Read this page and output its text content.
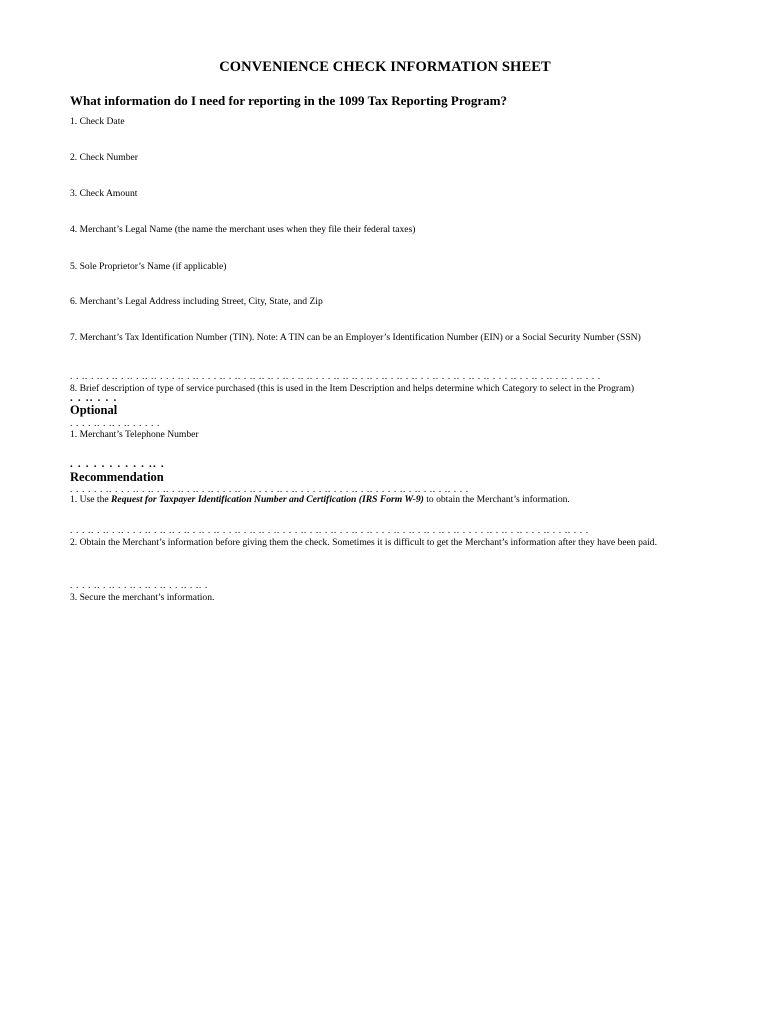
CONVENIENCE CHECK INFORMATION SHEET
What information do I need for reporting in the 1099 Tax Reporting Program?
1. Check Date
2. Check Number
3. Check Amount
4. Merchant’s Legal Name (the name the merchant uses when they file their federal taxes)
5. Sole Proprietor’s Name (if applicable)
6. Merchant’s Legal Address including Street, City, State, and Zip
7. Merchant’s Tax Identification Number (TIN). Note: A TIN can be an Employer’s Identification Number (EIN) or a Social Security Number (SSN)
. . .. . .. . .. . .. . .. .. . . . .. . .. . . . .. . .. . .. .. .. . .. . .. .. . . . .. .. .. . .. . .. . .. . .. . . .. . . .. . .. . .. . . . .. . . .. . .. . .. . .. . . .
8. Brief description of type of service purchased (this is used in the Item Description and helps determine which Category to select in the Program)
. . .. . . .
Optional
. . . . .. . .. . .. . . . . .
1. Merchant’s Telephone Number
. . . . . . . . . . .. .
Recommendation
. . . . . . .. . . . .. . .. . .. . .. . .. . .. . . . .. . .. . . . .. . .. . . . . .. . . . .. . .. . . . . .. . .. . .. . .. . . .
1. Use the Request for Taxpayer Identification Number and Certification (IRS Form W-9) to obtain the Merchant’s information.
. . . .. . .. . .. . . . .. . .. .. . .. . .. . .. . . .. . .. .. . .. . . . .. . .. . .. . . .. . .. . . . .. . .. . .. . .. . .. . . . . .. . .. . .. . . . .. . . .. . . .
2. Obtain the Merchant’s information before giving them the check. Sometimes it is difficult to get the Merchant’s information after they have been paid.
. . . . .. . .. . . .. . .. . .. . . .. . .. .
3. Secure the merchant’s information.
